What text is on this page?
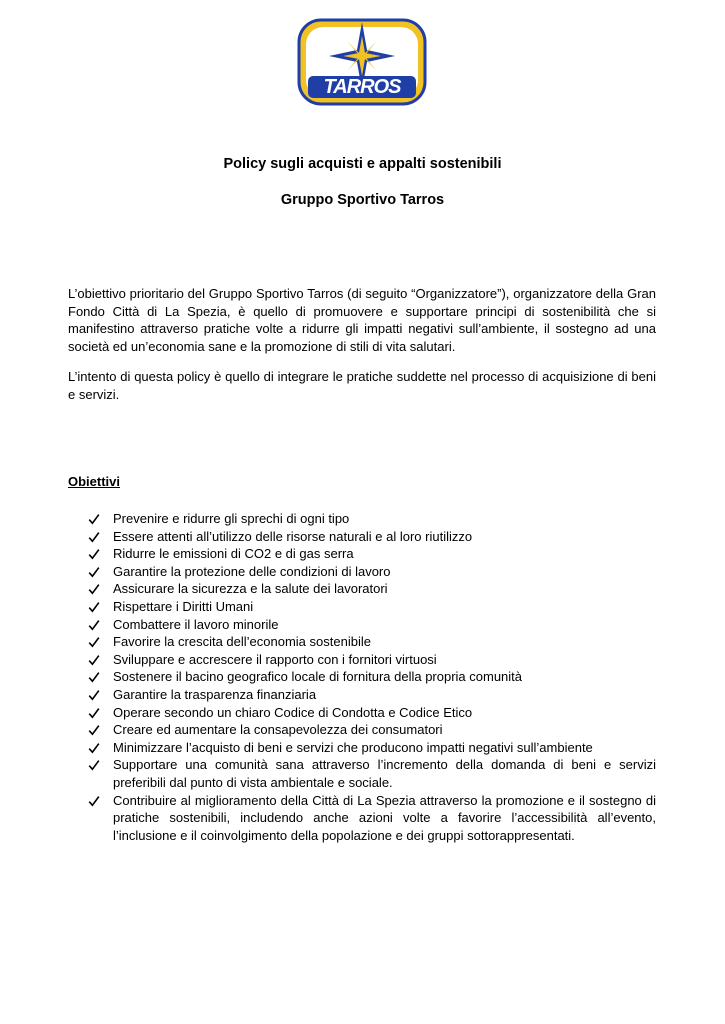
TARROS
Policy sugli acquisti e appalti sostenibili
Gruppo Sportivo Tarros
L’obiettivo prioritario del Gruppo Sportivo Tarros (di seguito “Organizzatore”), organizzatore della Gran Fondo Città di La Spezia, è quello di promuovere e supportare principi di sostenibilità che si manifestino attraverso pratiche volte a ridurre gli impatti negativi sull’ambiente, il sostegno ad una società ed un’economia sane e la promozione di stili di vita salutari.
L’intento di questa policy è quello di integrare le pratiche suddette nel processo di acquisizione di beni e servizi.
Obiettivi
Prevenire e ridurre gli sprechi di ogni tipo
Essere attenti all’utilizzo delle risorse naturali e al loro riutilizzo
Ridurre le emissioni di CO2 e di gas serra
Garantire la protezione delle condizioni di lavoro
Assicurare la sicurezza e la salute dei lavoratori
Rispettare i Diritti Umani
Combattere il lavoro minorile
Favorire la crescita dell’economia sostenibile
Sviluppare e accrescere il rapporto con i fornitori virtuosi
Sostenere il bacino geografico locale di fornitura della propria comunità
Garantire la trasparenza finanziaria
Operare secondo un chiaro Codice di Condotta e Codice Etico
Creare ed aumentare la consapevolezza dei consumatori
Minimizzare l’acquisto di beni e servizi che producono impatti negativi sull’ambiente
Supportare una comunità sana attraverso l’incremento della domanda di beni e servizi preferibili dal punto di vista ambientale e sociale.
Contribuire al miglioramento della Città di La Spezia attraverso la promozione e il sostegno di pratiche sostenibili, includendo anche azioni volte a favorire l’accessibilità all’evento, l’inclusione e il coinvolgimento della popolazione e dei gruppi sottorappresentati.
